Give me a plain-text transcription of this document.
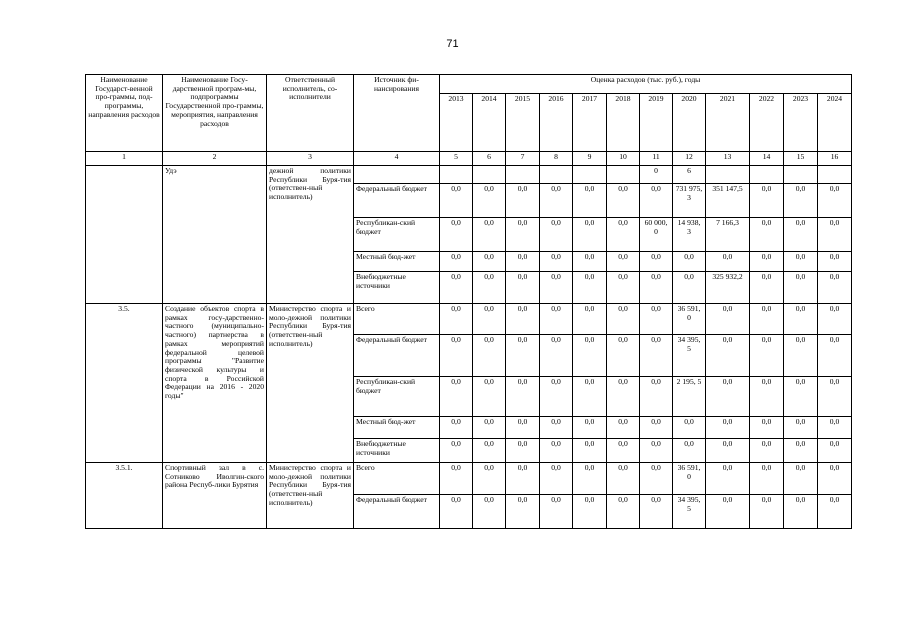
71
Наименование Государст-венной про-граммы, под-программы, направления расходов	Наименование Госу-дарственной програм-мы, подпрограммы Государственной про-граммы, мероприятия, направления расходов	Ответственный исполнитель, со-исполнители	Источник фи-нансирования	Оценка расходов (тыс. руб.), годы											
				2013	2014	2015	2016	2017	2018	2019	2020	2021	2022	2023	2024
1	2	3	4	5	6	7	8	9	10	11	12	13	14	15	16
	Удэ	дежной политики Республики Буря-тия (ответствен-ный исполнитель)								0	6				
			Федеральный бюджет	0,0	0,0	0,0	0,0	0,0	0,0	0,0	731 975, 3	351 147,5	0,0	0,0	0,0
			Республикан-ский бюджет	0,0	0,0	0,0	0,0	0,0	0,0	60 000, 0	14 938, 3	7 166,3	0,0	0,0	0,0
			Местный бюд-жет	0,0	0,0	0,0	0,0	0,0	0,0	0,0	0,0	0,0	0,0	0,0	0,0
			Внебюджетные источники	0,0	0,0	0,0	0,0	0,0	0,0	0,0	0,0	325 932,2	0,0	0,0	0,0
3.5.	Создание объектов спорта в рамках госу-дарственно-частного (муниципально-частного) партнерства в рамках мероприятий федеральной целевой программы "Развитие физической культуры и спорта в Российской Федерации на 2016 - 2020 годы"	Министерство спорта и моло-дежной политики Республики Буря-тия (ответствен-ный исполнитель)	Всего	0,0	0,0	0,0	0,0	0,0	0,0	0,0	36 591, 0	0,0	0,0	0,0	0,0
			Федеральный бюджет	0,0	0,0	0,0	0,0	0,0	0,0	0,0	34 395, 5	0,0	0,0	0,0	0,0
			Республикан-ский бюджет	0,0	0,0	0,0	0,0	0,0	0,0	0,0	2 195, 5	0,0	0,0	0,0	0,0
			Местный бюд-жет	0,0	0,0	0,0	0,0	0,0	0,0	0,0	0,0	0,0	0,0	0,0	0,0
			Внебюджетные источники	0,0	0,0	0,0	0,0	0,0	0,0	0,0	0,0	0,0	0,0	0,0	0,0
3.5.1.	Спортивный зал в с. Сотниково Иволгин-ского района Респуб-лики Бурятия	Министерство спорта и моло-дежной политики Республики Буря-тия (ответствен-ный исполнитель)	Всего	0,0	0,0	0,0	0,0	0,0	0,0	0,0	36 591, 0	0,0	0,0	0,0	0,0
			Федеральный бюджет	0,0	0,0	0,0	0,0	0,0	0,0	0,0	34 395, 5	0,0	0,0	0,0	0,0
